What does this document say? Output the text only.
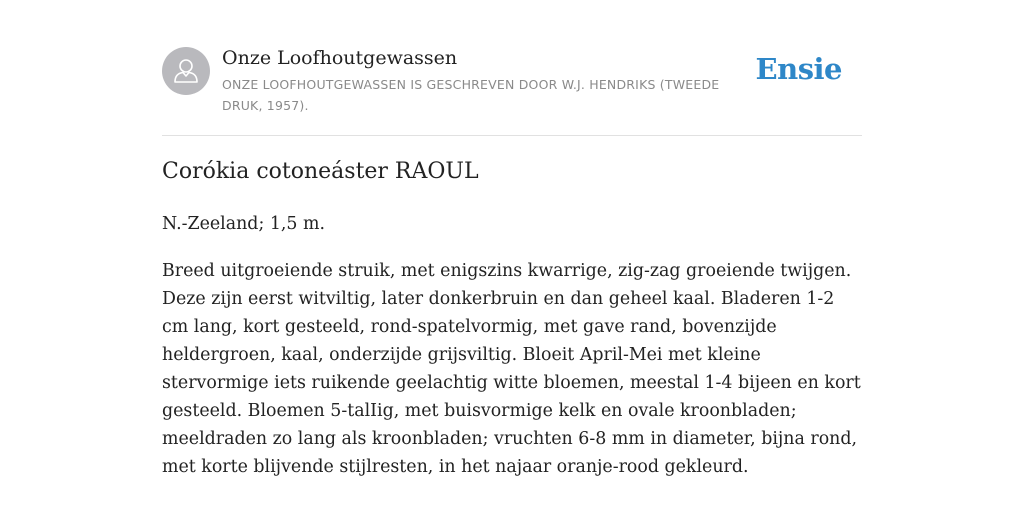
Onze Loofhoutgewassen
ONZE LOOFHOUTGEWASSEN IS GESCHREVEN DOOR W.J. HENDRIKS (TWEEDE DRUK, 1957).
Ensie
Corókia cotoneáster RAOUL

N.-Zeeland; 1,5 m.

Breed uitgroeiende struik, met enigszins kwarrige, zig-zag groeiende twijgen. Deze zijn eerst witviltig, later donkerbruin en dan geheel kaal. Bladeren 1-2 cm lang, kort gesteeld, rond-spatelvormig, met gave rand, bovenzijde heldergroen, kaal, onderzijde grijsviltig. Bloeit April-Mei met kleine stervormige iets ruikende geelachtig witte bloemen, meestal 1-4 bijeen en kort gesteeld. Bloemen 5-talIig, met buisvormige kelk en ovale kroonbladen; meeldraden zo lang als kroonbladen; vruchten 6-8 mm in diameter, bijna rond, met korte blijvende stijlresten, in het najaar oranje-rood gekleurd.
